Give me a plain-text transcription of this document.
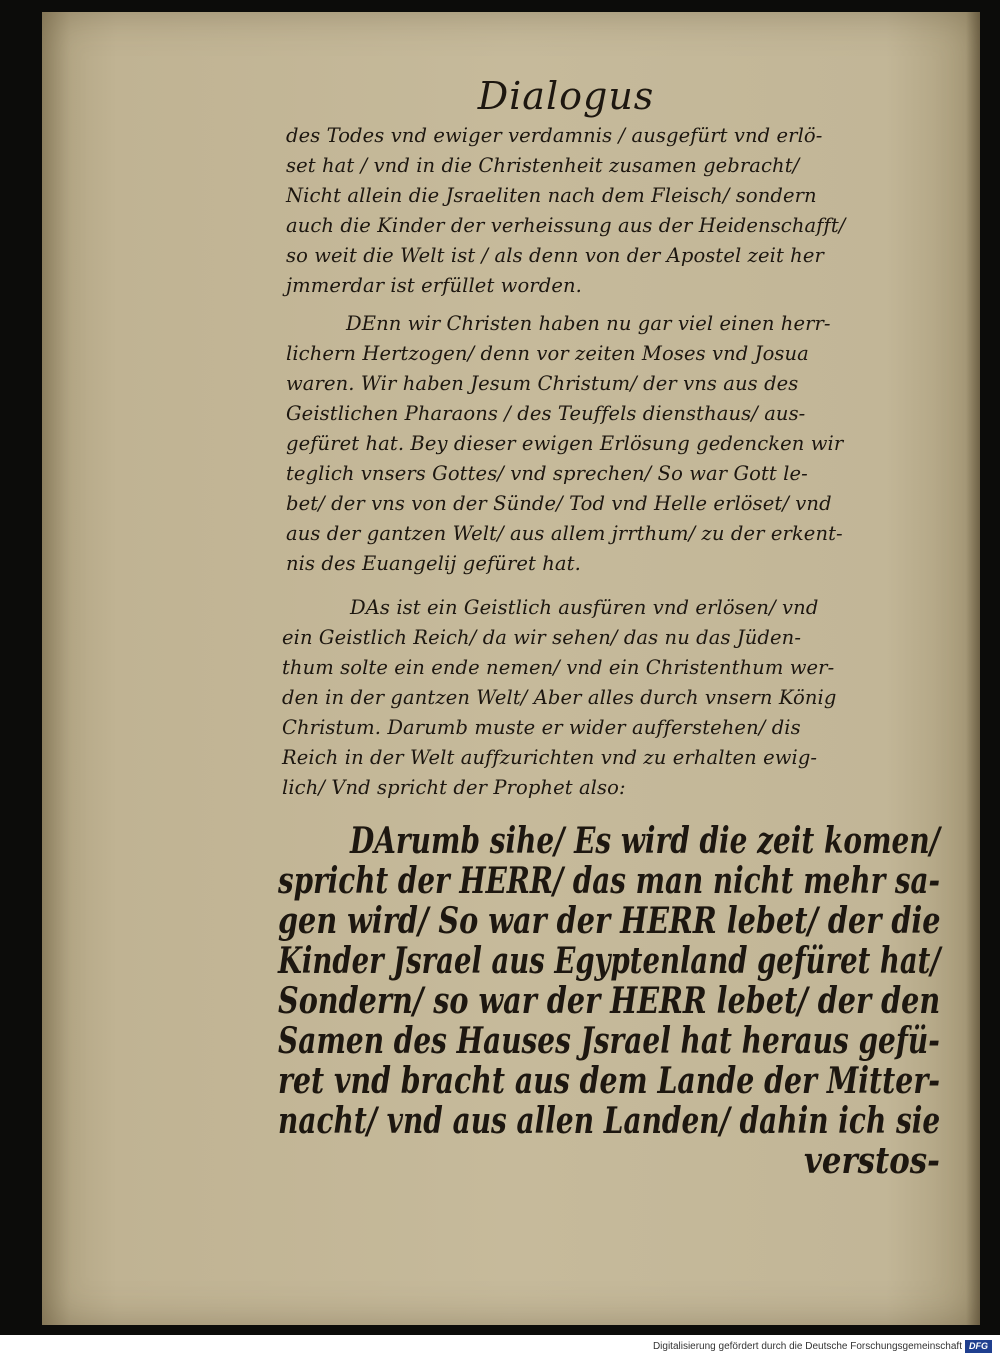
Dialogus
des Todes vnd ewiger verdamnis / ausgefürt vnd erlö-
set hat / vnd in die Christenheit zusamen gebracht/
Nicht allein die Jsraeliten nach dem Fleisch/ sondern
auch die Kinder der verheissung aus der Heidenschafft/
so weit die Welt ist / als denn von der Apostel zeit her
jmmerdar ist erfüllet worden.
DEnn wir Christen haben nu gar viel einen herr-
lichern Hertzogen/ denn vor zeiten Moses vnd Josua
waren. Wir haben Jesum Christum/ der vns aus des
Geistlichen Pharaons / des Teuffels diensthaus/ aus-
gefüret hat. Bey dieser ewigen Erlösung gedencken wir
teglich vnsers Gottes/ vnd sprechen/ So war Gott le-
bet/ der vns von der Sünde/ Tod vnd Helle erlöset/ vnd
aus der gantzen Welt/ aus allem jrrthum/ zu der erkent-
nis des Euangelij gefüret hat.
DAs ist ein Geistlich ausfüren vnd erlösen/ vnd
ein Geistlich Reich/ da wir sehen/ das nu das Jüden-
thum solte ein ende nemen/ vnd ein Christenthum wer-
den in der gantzen Welt/ Aber alles durch vnsern König
Christum. Darumb muste er wider aufferstehen/ dis
Reich in der Welt auffzurichten vnd zu erhalten ewig-
lich/ Vnd spricht der Prophet also:
DArumb sihe/ Es wird die zeit komen/
spricht der HERR/ das man nicht mehr sa-
gen wird/ So war der HERR lebet/ der die
Kinder Jsrael aus Egyptenland gefüret hat/
Sondern/ so war der HERR lebet/ der den
Samen des Hauses Jsrael hat heraus gefü-
ret vnd bracht aus dem Lande der Mitter-
nacht/ vnd aus allen Landen/ dahin ich sie
verstos-
Digitalisierung gefördert durch die Deutsche Forschungsgemeinschaft DFG
